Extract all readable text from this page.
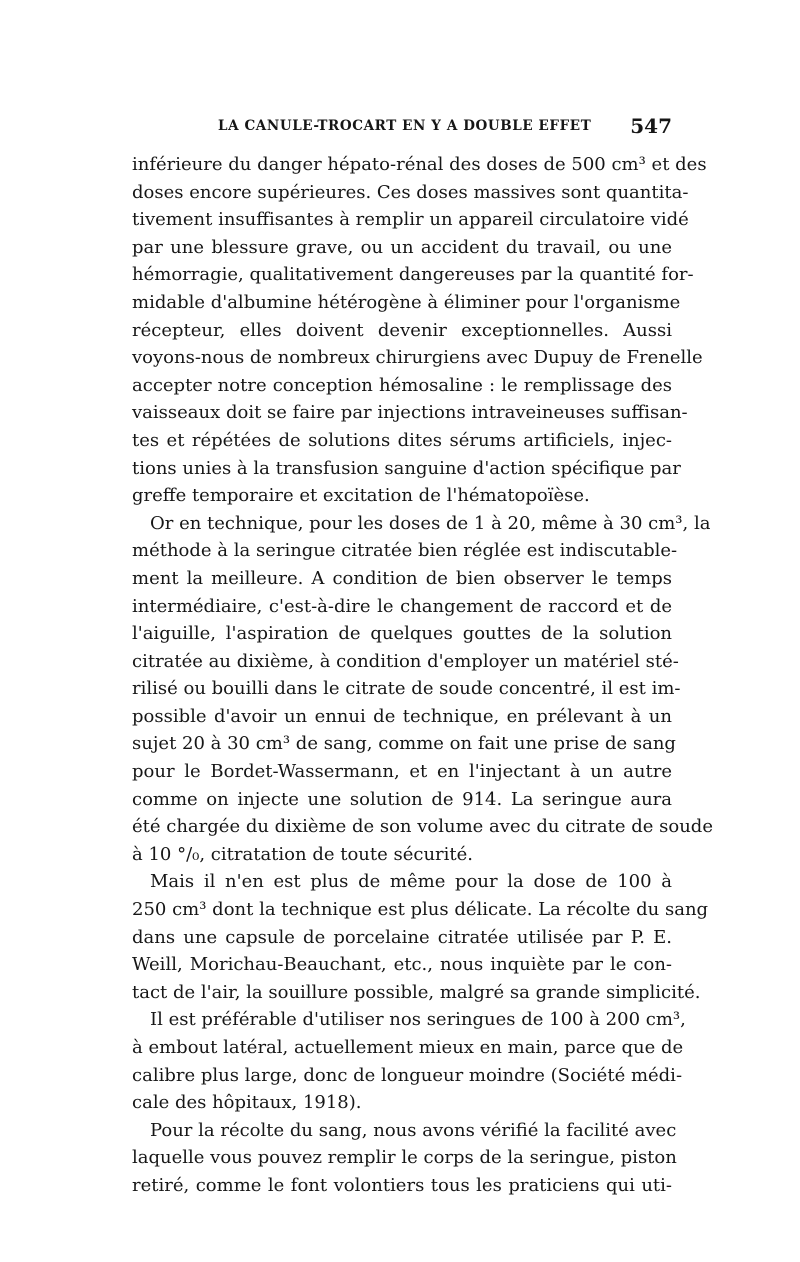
LA CANULE-TROCART EN Y A DOUBLE EFFET 547
inférieure du danger hépato-rénal des doses de 500 cm³ et des
doses encore supérieures. Ces doses massives sont quantita-
tivement insuffisantes à remplir un appareil circulatoire vidé
par une blessure grave, ou un accident du travail, ou une
hémorragie, qualitativement dangereuses par la quantité for-
midable d'albumine hétérogène à éliminer pour l'organisme
récepteur, elles doivent devenir exceptionnelles. Aussi
voyons-nous de nombreux chirurgiens avec Dupuy de Frenelle
accepter notre conception hémosaline : le remplissage des
vaisseaux doit se faire par injections intraveineuses suffisan-
tes et répétées de solutions dites sérums artificiels, injec-
tions unies à la transfusion sanguine d'action spécifique par
greffe temporaire et excitation de l'hématopoïèse.
Or en technique, pour les doses de 1 à 20, même à 30 cm³, la
méthode à la seringue citratée bien réglée est indiscutable-
ment la meilleure. A condition de bien observer le temps
intermédiaire, c'est-à-dire le changement de raccord et de
l'aiguille, l'aspiration de quelques gouttes de la solution
citratée au dixième, à condition d'employer un matériel sté-
rilisé ou bouilli dans le citrate de soude concentré, il est im-
possible d'avoir un ennui de technique, en prélevant à un
sujet 20 à 30 cm³ de sang, comme on fait une prise de sang
pour le Bordet-Wassermann, et en l'injectant à un autre
comme on injecte une solution de 914. La seringue aura
été chargée du dixième de son volume avec du citrate de soude
à 10 °/₀, citratation de toute sécurité.
Mais il n'en est plus de même pour la dose de 100 à
250 cm³ dont la technique est plus délicate. La récolte du sang
dans une capsule de porcelaine citratée utilisée par P. E.
Weill, Morichau-Beauchant, etc., nous inquiète par le con-
tact de l'air, la souillure possible, malgré sa grande simplicité.
Il est préférable d'utiliser nos seringues de 100 à 200 cm³,
à embout latéral, actuellement mieux en main, parce que de
calibre plus large, donc de longueur moindre (Société médi-
cale des hôpitaux, 1918).
Pour la récolte du sang, nous avons vérifié la facilité avec
laquelle vous pouvez remplir le corps de la seringue, piston
retiré, comme le font volontiers tous les praticiens qui uti-
